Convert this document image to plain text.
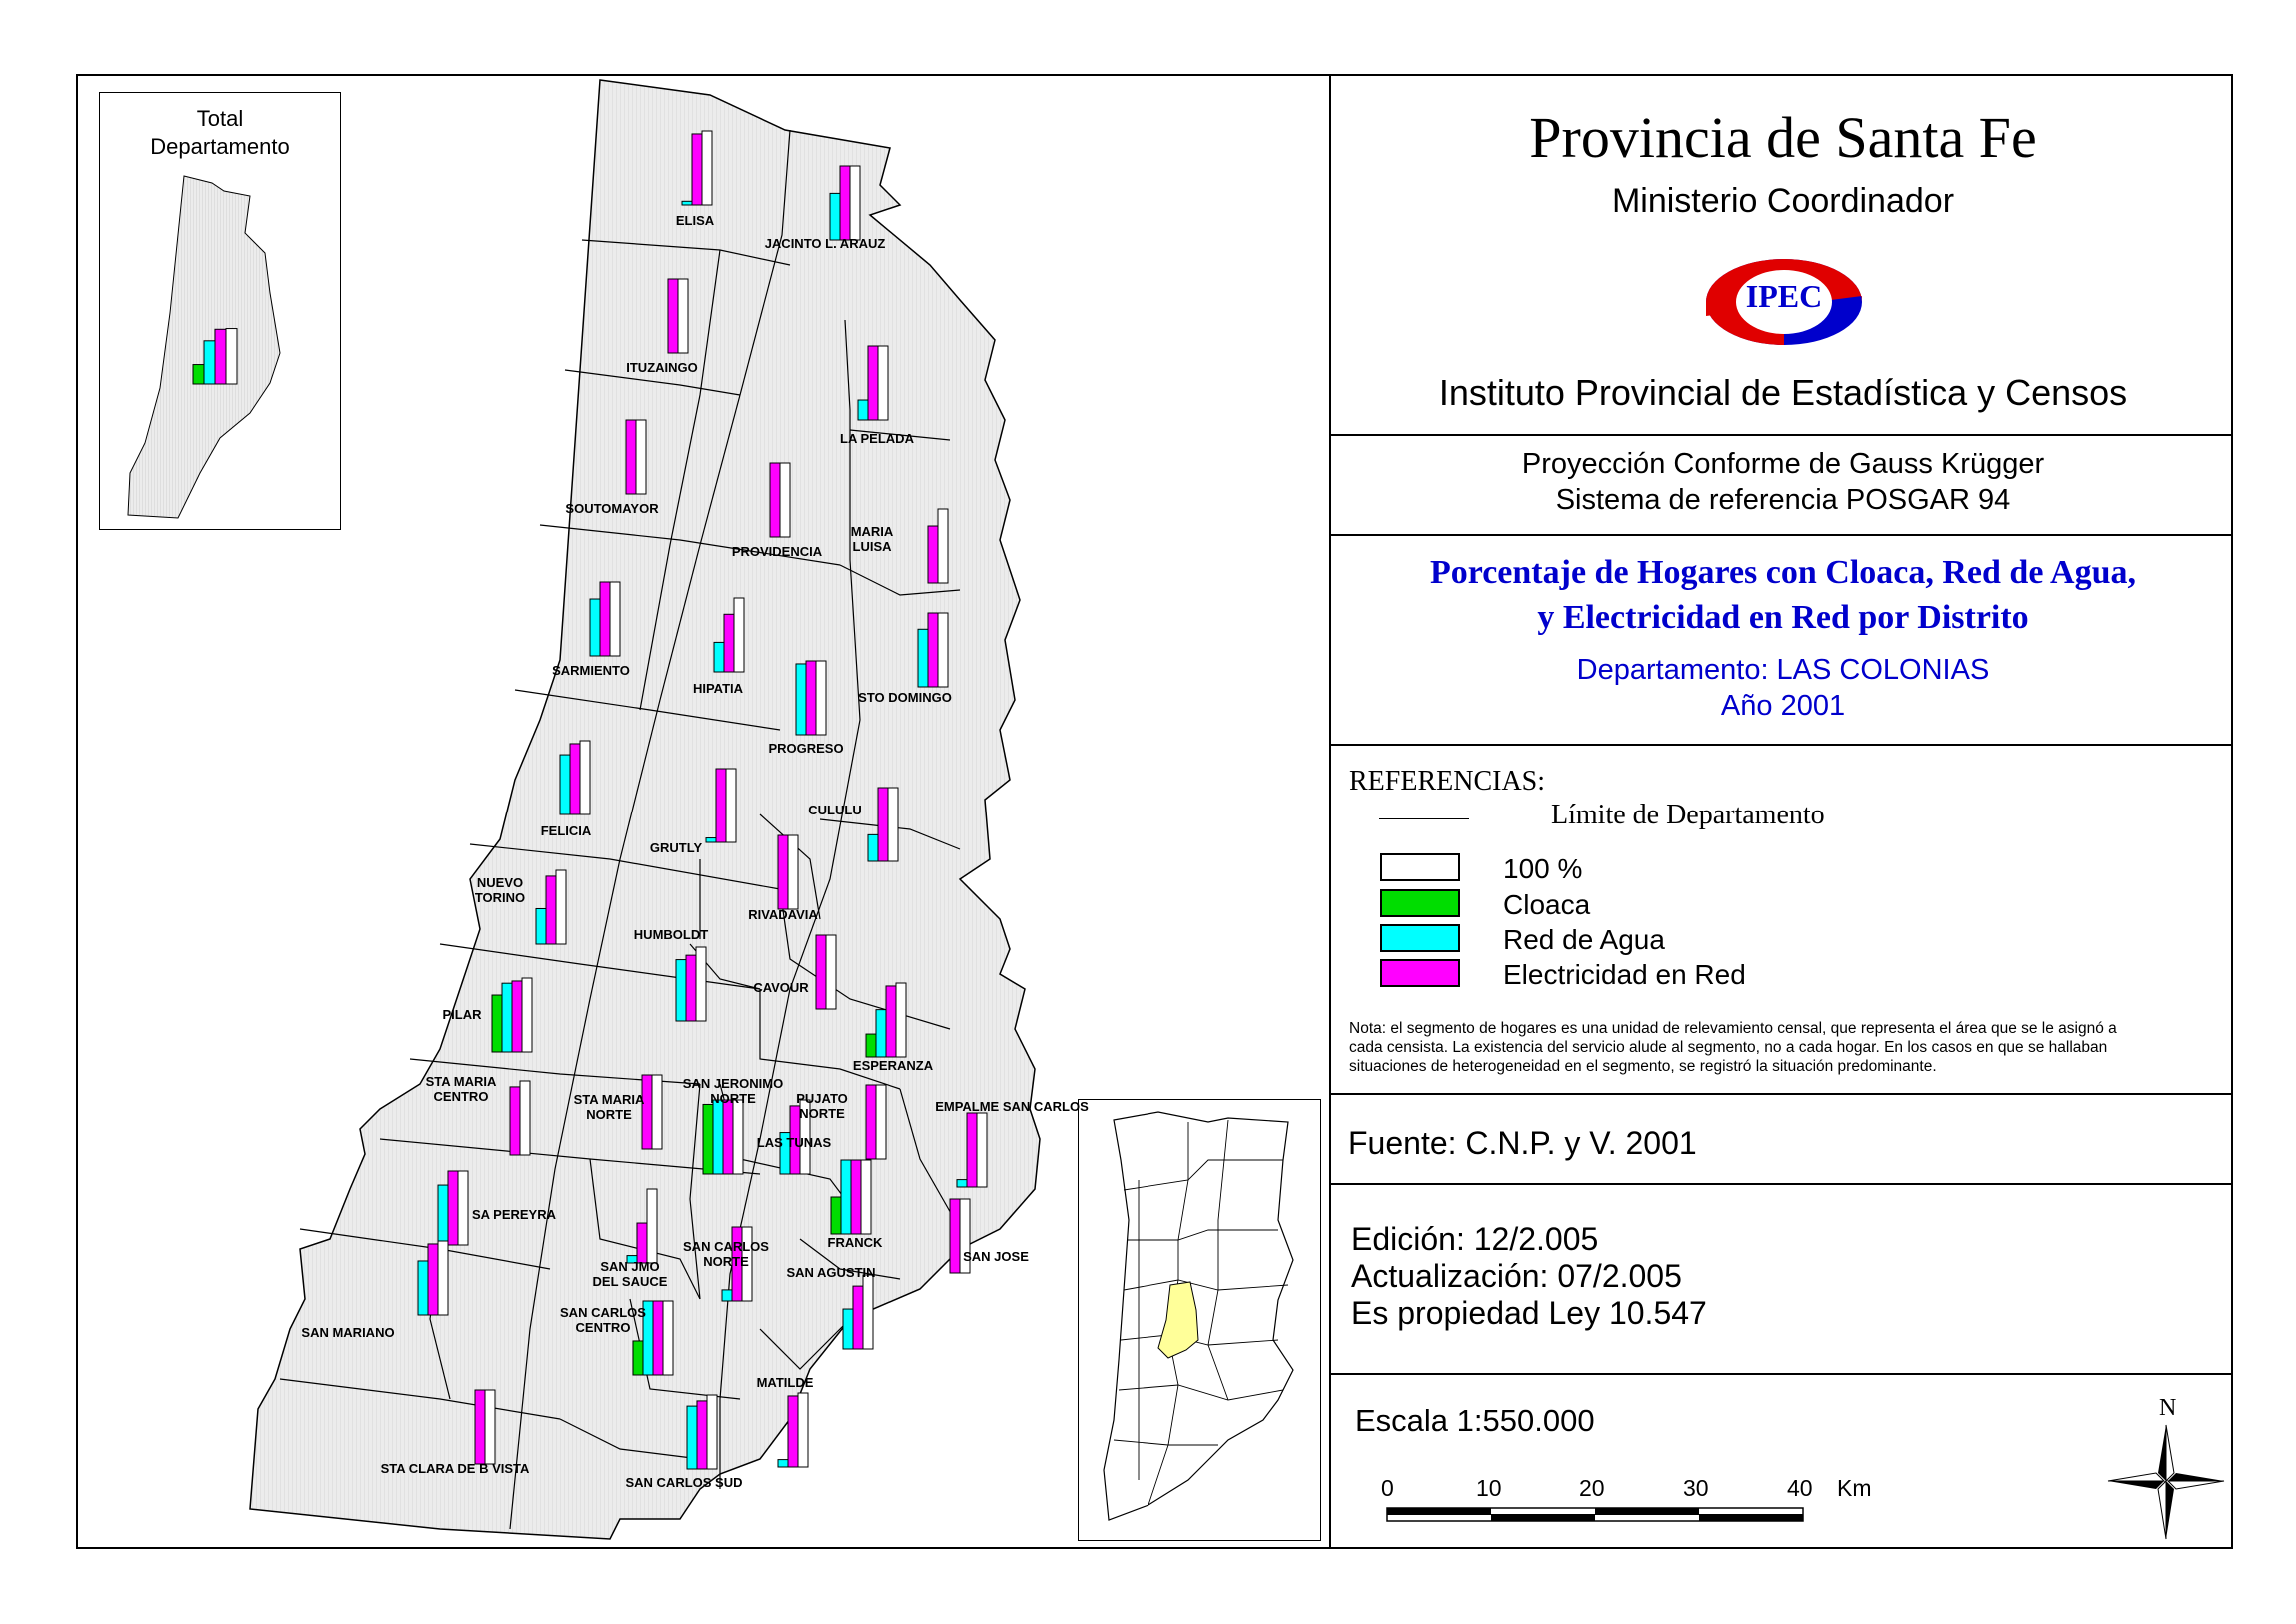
ELISA
JACINTO L. ARAUZ
ITUZAINGO
LA PELADA
SOUTOMAYOR
PROVIDENCIA
MARIA LUISA
SARMIENTO
HIPATIA
STO DOMINGO
PROGRESO
FELICIA
GRUTLY
CULULU
RIVADAVIA
NUEVO TORINO
HUMBOLDT
CAVOUR
ESPERANZA
PILAR
STA MARIA CENTRO	STA MARIA NORTE
SAN JERONIMO NORTE	PUJATO NORTE	EMPALME SAN CARLOS
LAS TUNAS
SA PEREYRA
FRANCK
SAN JOSE
SAN JMO DEL SAUCE
SAN CARLOS NORTE
SAN AGUSTIN
SAN MARIANO
SAN CARLOS CENTRO
MATILDE
STA CLARA DE B VISTA
SAN CARLOS SUD
Total
Departamento	Provincia de Santa Fe
Ministerio Coordinador
IPEC
Instituto Provincial de Estadística y Censos
Proyección Conforme de Gauss Krügger
Sistema de referencia POSGAR 94
Porcentaje de Hogares con Cloaca, Red de Agua,
y Electricidad en Red por Distrito
Departamento: LAS COLONIAS
Año 2001
REFERENCIAS:
Límite de Departamento
100 %
Cloaca
Red de Agua
Electricidad en Red
Nota: el segmento de hogares es una unidad de relevamiento censal, que representa el área que se le asignó a
cada censista. La existencia del servicio alude al segmento, no a cada hogar. En los casos en que se hallaban
situaciones de heterogeneidad en el segmento, se registró la situación predominante.
Fuente: C.N.P. y V. 2001
Edición: 12/2.005
Actualización: 07/2.005
Es propiedad Ley 10.547
Escala 1:550.000
0	10	20	30	40 Km
N
